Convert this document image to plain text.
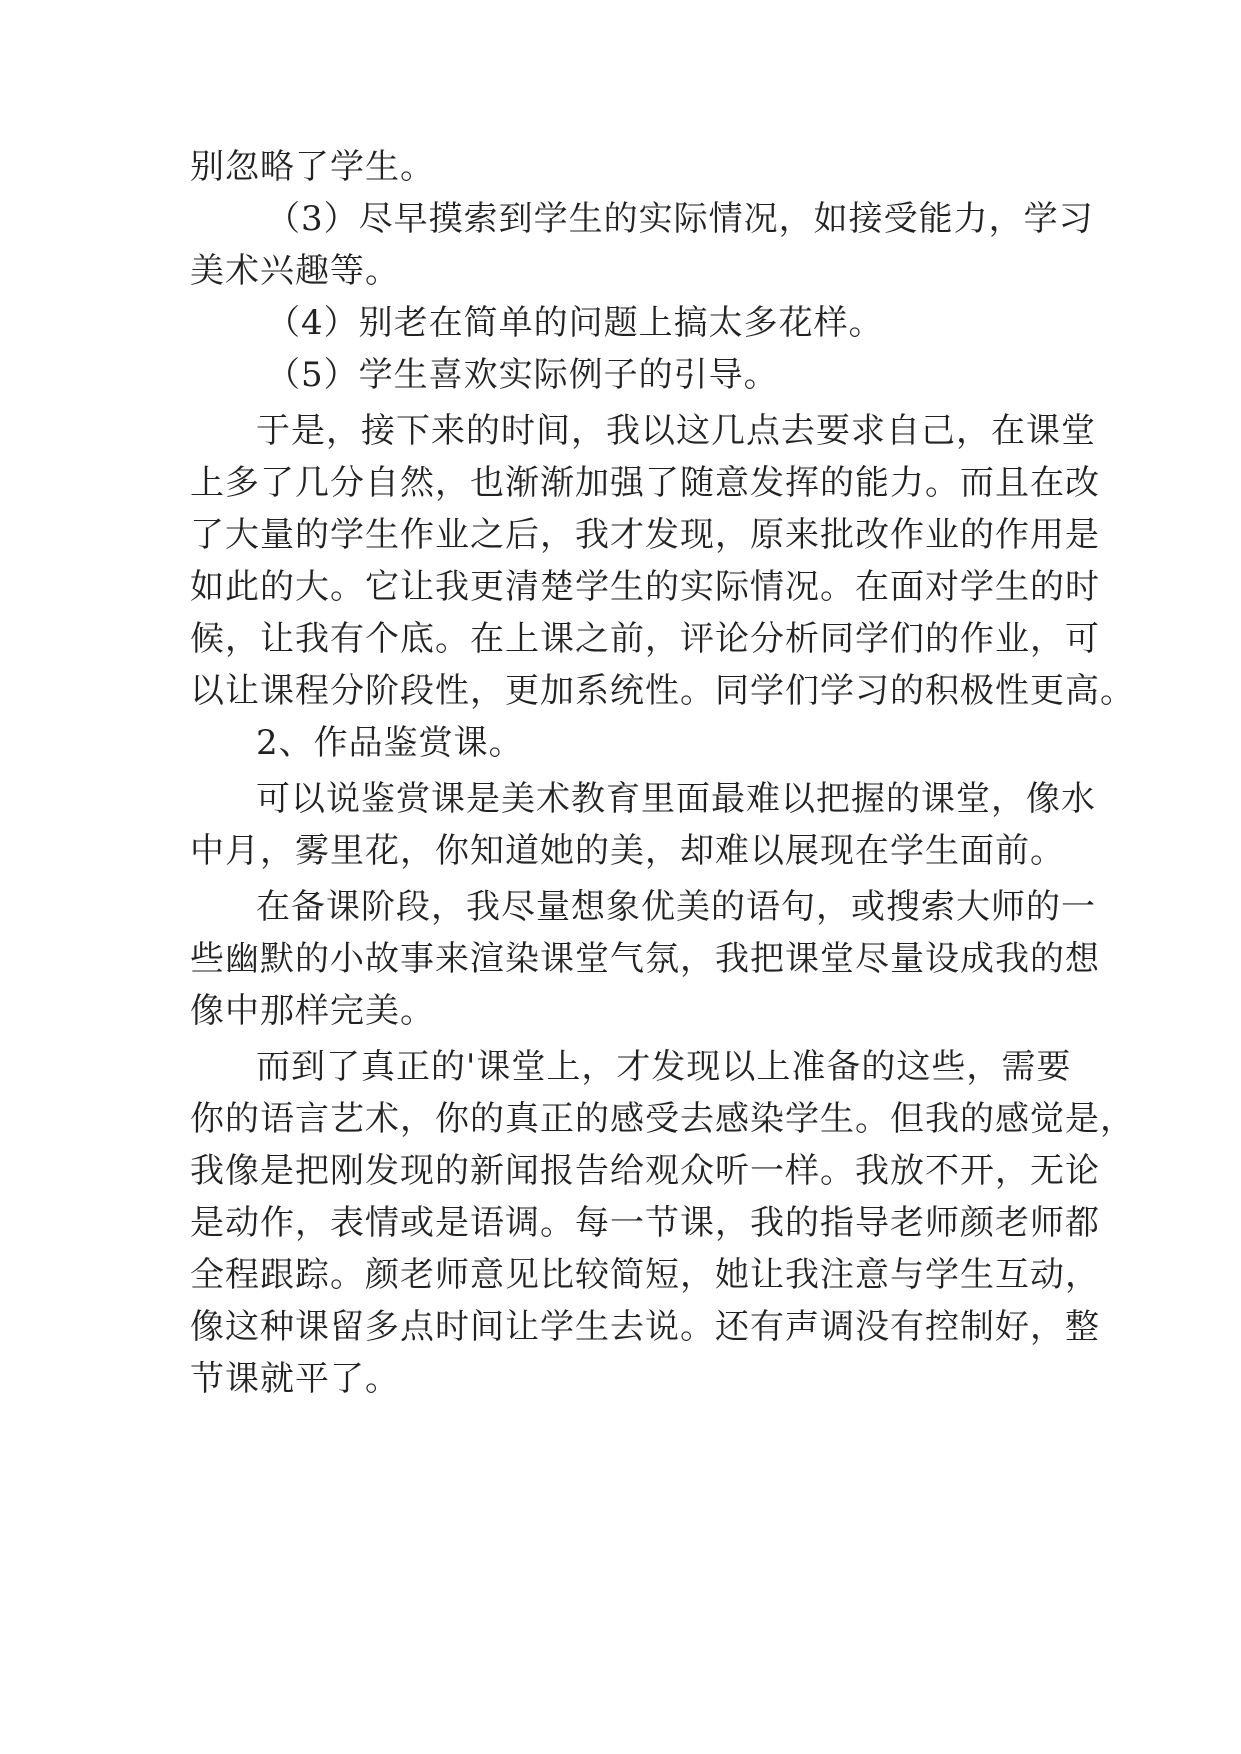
别忽略了学生。
（3）尽早摸索到学生的实际情况，如接受能力，学习
美术兴趣等。
（4）别老在简单的问题上搞太多花样。
（5）学生喜欢实际例子的引导。
于是，接下来的时间，我以这几点去要求自己，在课堂
上多了几分自然，也渐渐加强了随意发挥的能力。而且在改
了大量的学生作业之后，我才发现，原来批改作业的作用是
如此的大。它让我更清楚学生的实际情况。在面对学生的时
候，让我有个底。在上课之前，评论分析同学们的作业，可
以让课程分阶段性，更加系统性。同学们学习的积极性更高。
2、作品鉴赏课。
可以说鉴赏课是美术教育里面最难以把握的课堂，像水
中月，雾里花，你知道她的美，却难以展现在学生面前。
在备课阶段，我尽量想象优美的语句，或搜索大师的一
些幽默的小故事来渲染课堂气氛，我把课堂尽量设成我的想
像中那样完美。
而到了真正的'课堂上，才发现以上准备的这些，需要
你的语言艺术，你的真正的感受去感染学生。但我的感觉是，
我像是把刚发现的新闻报告给观众听一样。我放不开，无论
是动作，表情或是语调。每一节课，我的指导老师颜老师都
全程跟踪。颜老师意见比较简短，她让我注意与学生互动，
像这种课留多点时间让学生去说。还有声调没有控制好，整
节课就平了。
